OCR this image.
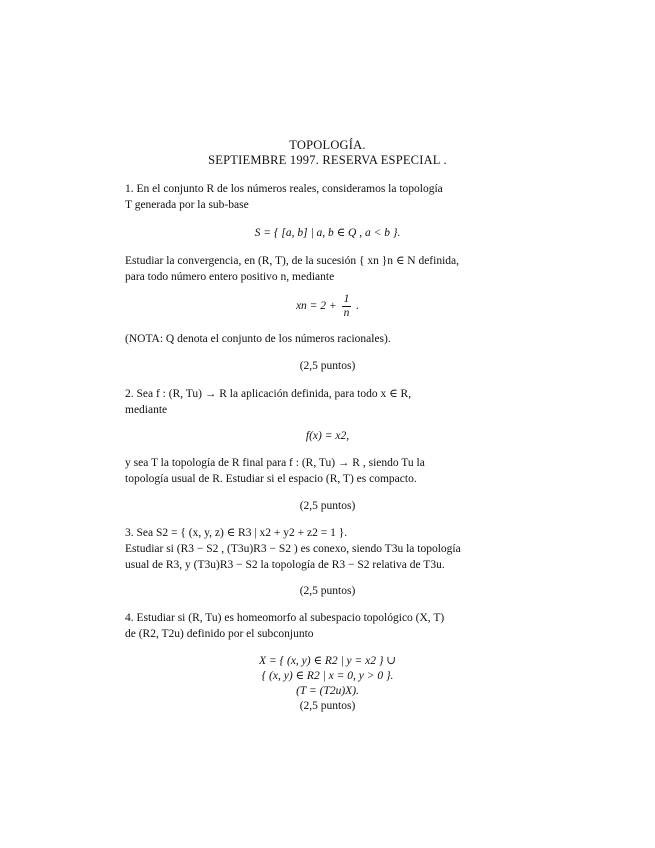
TOPOLOGÍA.
SEPTIEMBRE 1997. RESERVA ESPECIAL .
1. En el conjunto R de los números reales, consideramos la topología
T generada por la sub-base
S = { [a, b] | a, b ∈ Q , a < b }.
Estudiar la convergencia, en (R, T), de la sucesión { xn }n ∈ N definida,
para todo número entero positivo n, mediante
xn = $2 + \frac{1}{n}$ .
(NOTA: Q denota el conjunto de los números racionales).
(2,5 puntos)
2. Sea f : (R, Tu) → R la aplicación definida, para todo x ∈ R,
mediante
f(x) = x2,
y sea T la topología de R final para f : (R, Tu) → R , siendo Tu la
topología usual de R. Estudiar si el espacio (R, T) es compacto.
(2,5 puntos)
3. Sea S2 = { (x, y, z) ∈ R3 | x2 + y2 + z2 = 1 }.
Estudiar si (R3 − S2 , (T3u)R3 − S2 ) es conexo, siendo T3u la topología
usual de R3, y (T3u)R3 − S2 la topología de R3 − S2 relativa de T3u.
(2,5 puntos)
4. Estudiar si (R, Tu) es homeomorfo al subespacio topológico (X, T)
de (R2, T2u) definido por el subconjunto
X = { (x, y) ∈ R2 | y = x2 } ∪
{ (x, y) ∈ R2 | x = 0, y > 0 }.
(T = (T2u)X).
(2,5 puntos)
